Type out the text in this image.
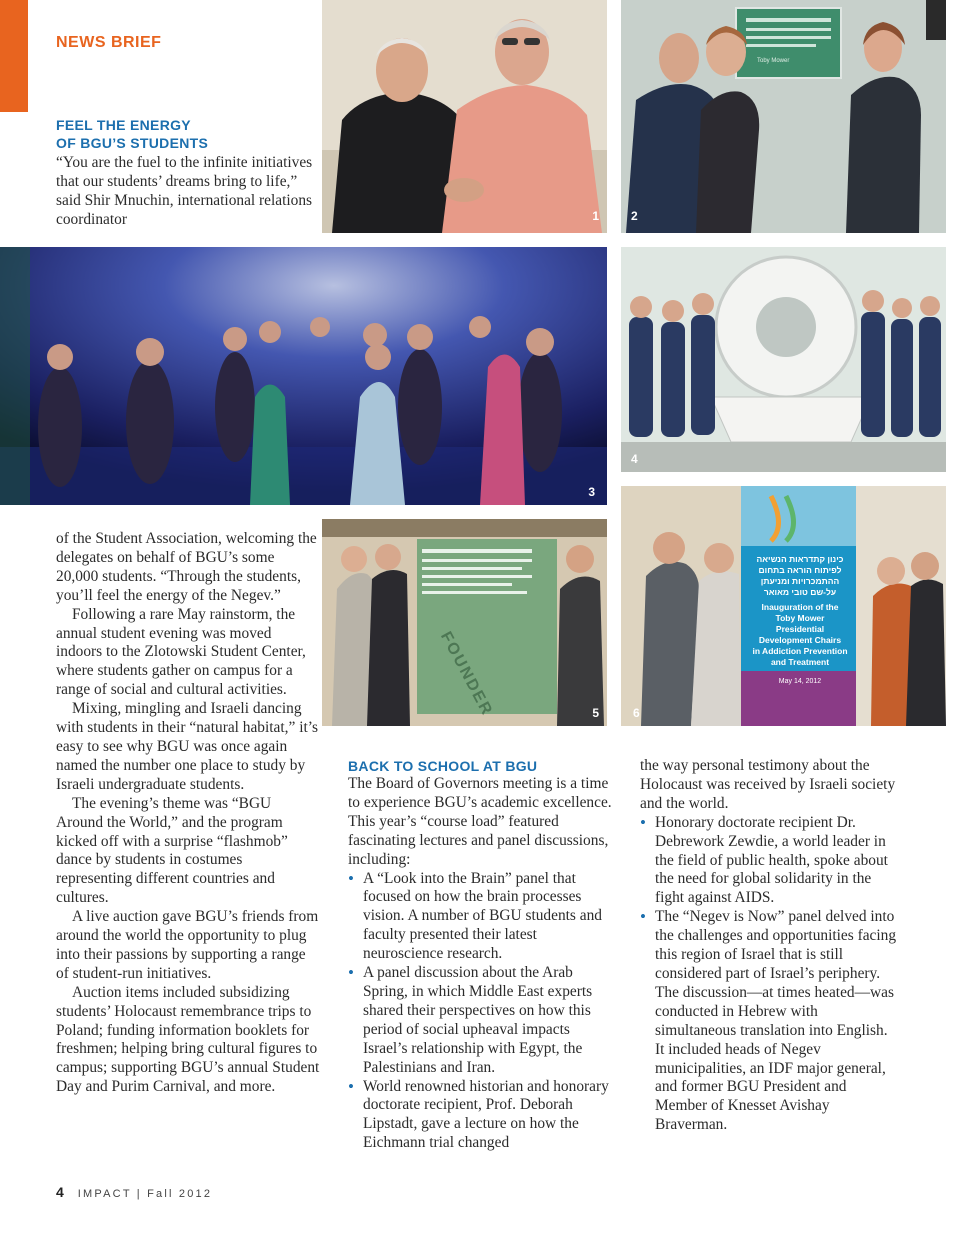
NEWS BRIEF
FEEL THE ENERGY
OF BGU’S STUDENTS

“You are the fuel to the infinite initiatives that our students’ dreams bring to life,” said Shir Mnuchin, international relations coordinator	1	2
3
4
FOUNDER	5
כינון קתדראות הנשיאה
לפיתוח הוראה בתחום
ההתמכרויות ומניעתן
על-שם טובי מאואר
Inauguration of the
Toby Mower
Presidential
Development Chairs
in Addiction Prevention
and Treatment
May 14, 2012
6
Toby Mower

of the Student Association, welcoming the delegates on behalf of BGU’s some 20,000 students. “Through the students, you’ll feel the energy of the Negev.”

Following a rare May rainstorm, the annual student evening was moved indoors to the Zlotowski Student Center, where students gather on campus for a range of social and cultural activities.

Mixing, mingling and Israeli dancing with students in their “natural habitat,” it’s easy to see why BGU was once again named the number one place to study by Israeli undergraduate students.

The evening’s theme was “BGU Around the World,” and the program kicked off with a surprise “flashmob” dance by students in costumes representing different countries and cultures.

A live auction gave BGU’s friends from around the world the opportunity to plug into their passions by supporting a range of student-run initiatives.

Auction items included subsidizing students’ Holocaust remembrance trips to Poland; funding information booklets for freshmen; helping bring cultural figures to campus; supporting BGU’s annual Student Day and Purim Carnival, and more.

BACK TO SCHOOL AT BGU

The Board of Governors meeting is a time to experience BGU’s academic excellence. This year’s “course load” featured fascinating lectures and panel discussions, including:

• A “Look into the Brain” panel that focused on how the brain processes vision. A number of BGU students and faculty presented their latest neuroscience research.
• A panel discussion about the Arab Spring, in which Middle East experts shared their perspectives on how this period of social upheaval impacts Israel’s relationship with Egypt, the Palestinians and Iran.
• World renowned historian and honorary doctorate recipient, Prof. Deborah Lipstadt, gave a lecture on how the Eichmann trial changed

the way personal testimony about the Holocaust was received by Israeli society and the world.

• Honorary doctorate recipient Dr. Debrework Zewdie, a world leader in the field of public health, spoke about the need for global solidarity in the fight against AIDS.
• The “Negev is Now” panel delved into the challenges and opportunities facing this region of Israel that is still considered part of Israel’s periphery. The discussion—at times heated—was conducted in Hebrew with simultaneous translation into English. It included heads of Negev municipalities, an IDF major general, and former BGU President and Member of Knesset Avishay Braverman.
4 IMPACT | Fall 2012
